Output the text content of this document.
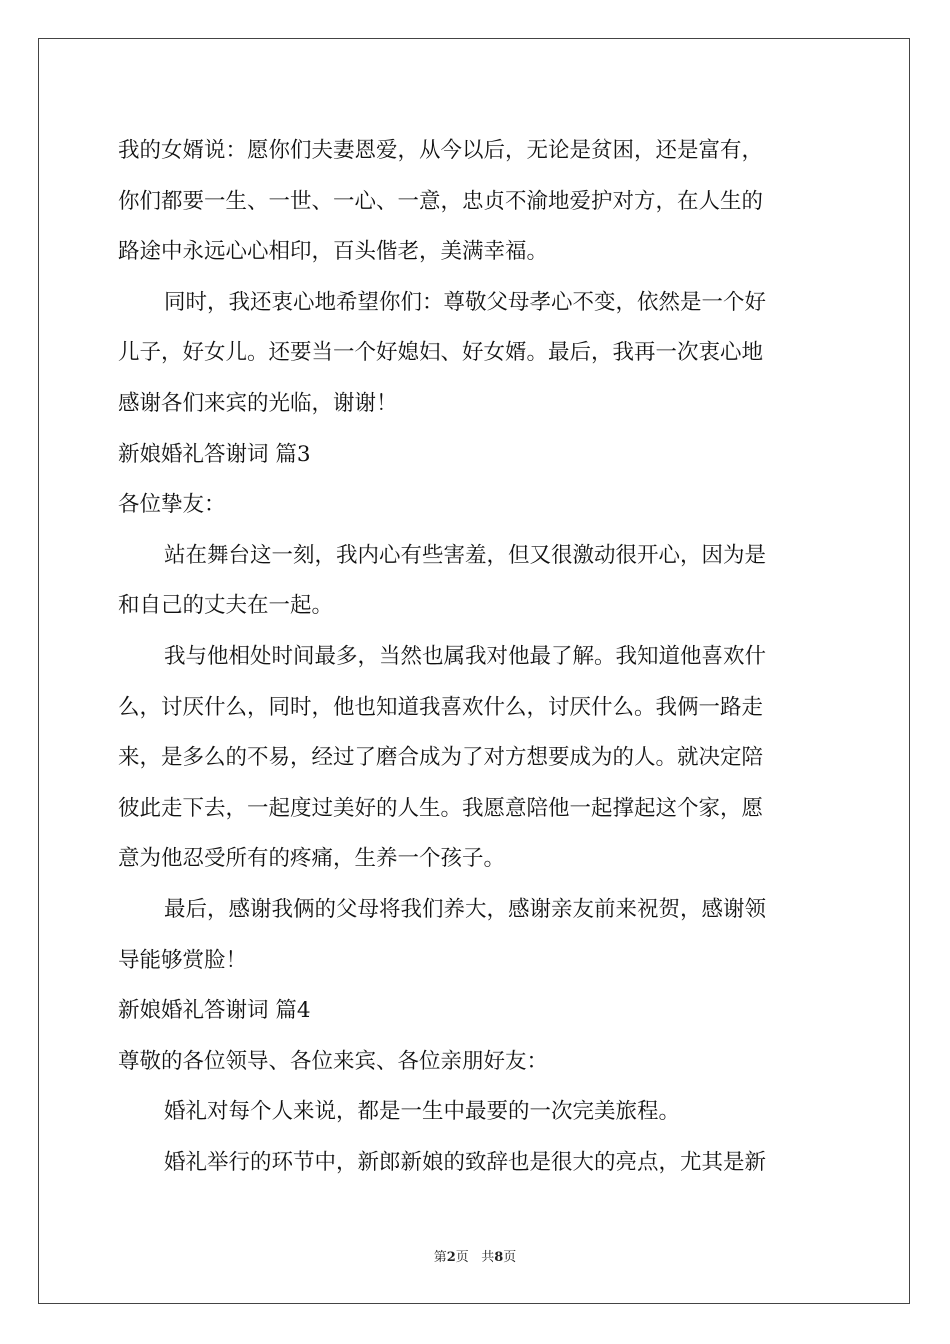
我的女婿说：愿你们夫妻恩爱，从今以后，无论是贫困，还是富有，
你们都要一生、一世、一心、一意，忠贞不渝地爱护对方，在人生的
路途中永远心心相印，百头偕老，美满幸福。
同时，我还衷心地希望你们：尊敬父母孝心不变，依然是一个好
儿子，好女儿。还要当一个好媳妇、好女婿。最后，我再一次衷心地
感谢各们来宾的光临，谢谢！
新娘婚礼答谢词 篇3
各位挚友：
站在舞台这一刻，我内心有些害羞，但又很激动很开心，因为是
和自己的丈夫在一起。
我与他相处时间最多，当然也属我对他最了解。我知道他喜欢什
么，讨厌什么，同时，他也知道我喜欢什么，讨厌什么。我俩一路走
来，是多么的不易，经过了磨合成为了对方想要成为的人。就决定陪
彼此走下去，一起度过美好的人生。我愿意陪他一起撑起这个家，愿
意为他忍受所有的疼痛，生养一个孩子。
最后，感谢我俩的父母将我们养大，感谢亲友前来祝贺，感谢领
导能够赏脸！
新娘婚礼答谢词 篇4
尊敬的各位领导、各位来宾、各位亲朋好友：
婚礼对每个人来说，都是一生中最要的一次完美旅程。
婚礼举行的环节中，新郎新娘的致辞也是很大的亮点，尤其是新
第2页 共8页
